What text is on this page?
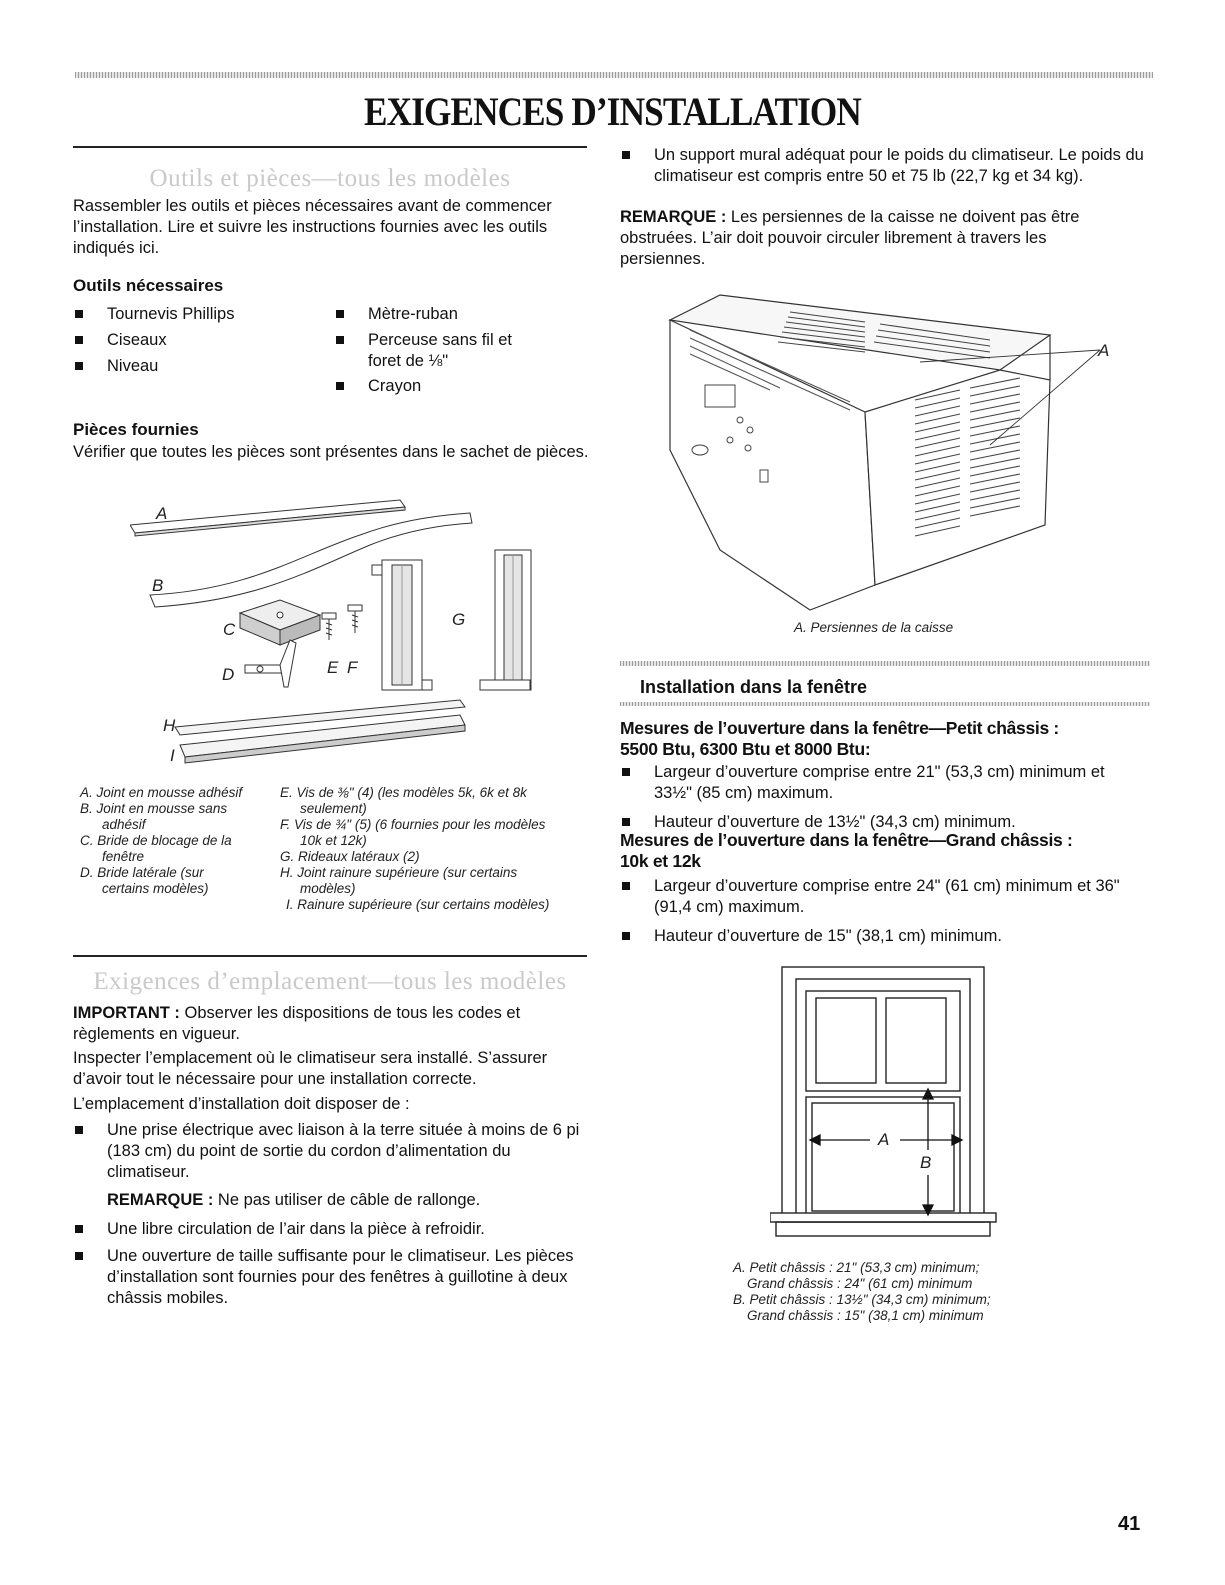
EXIGENCES D’INSTALLATION
Outils et pièces—tous les modèles

Rassembler les outils et pièces nécessaires avant de commencer l’installation. Lire et suivre les instructions fournies avec les outils indiqués ici.

Outils nécessaires

Tournevis Phillips
Ciseaux
Niveau
Mètre-ruban
Perceuse sans fil et
foret de ⅛"
Crayon

Pièces fournies

Vérifier que toutes les pièces sont présentes dans le sachet de pièces.

A
B
C
D	E F
G
H
I
A. Joint en mousse adhésif
B. Joint en mousse sans
adhésif
C. Bride de blocage de la
fenêtre
D. Bride latérale (sur
certains modèles)
E. Vis de ⅜" (4) (les modèles 5k, 6k et 8k
seulement)
F. Vis de ¾" (5) (6 fournies pour les modèles
10k et 12k)
G. Rideaux latéraux (2)
H. Joint rainure supérieure (sur certains
modèles)
I. Rainure supérieure (sur certains modèles)
Exigences d’emplacement—tous les modèles

IMPORTANT : Observer les dispositions de tous les codes et règlements en vigueur.

Inspecter l’emplacement où le climatiseur sera installé. S’assurer d’avoir tout le nécessaire pour une installation correcte.

L’emplacement d’installation doit disposer de :

Une prise électrique avec liaison à la terre située à moins de 6 pi (183 cm) du point de sortie du cordon d’alimentation du climatiseur.

REMARQUE : Ne pas utiliser de câble de rallonge.

Une libre circulation de l’air dans la pièce à refroidir.
Une ouverture de taille suffisante pour le climatiseur. Les pièces d’installation sont fournies pour des fenêtres à guillotine à deux châssis mobiles.
Un support mural adéquat pour le poids du climatiseur. Le poids du climatiseur est compris entre 50 et 75 lb (22,7 kg et 34 kg).

REMARQUE : Les persiennes de la caisse ne doivent pas être obstruées. L’air doit pouvoir circuler librement à travers les persiennes.

A
A. Persiennes de la caisse
Installation dans la fenêtre
Mesures de l’ouverture dans la fenêtre—Petit châssis :
5500 Btu, 6300 Btu et 8000 Btu:
Largeur d’ouverture comprise entre 21" (53,3 cm) minimum et 33½" (85 cm) maximum.
Hauteur d’ouverture de 13½" (34,3 cm) minimum.
Mesures de l’ouverture dans la fenêtre—Grand châssis :
10k et 12k
Largeur d’ouverture comprise entre 24" (61 cm) minimum et 36" (91,4 cm) maximum.
Hauteur d’ouverture de 15" (38,1 cm) minimum.
A
B
A. Petit châssis : 21" (53,3 cm) minimum;
Grand châssis : 24" (61 cm) minimum
B. Petit châssis : 13½" (34,3 cm) minimum;
Grand châssis : 15" (38,1 cm) minimum
41
